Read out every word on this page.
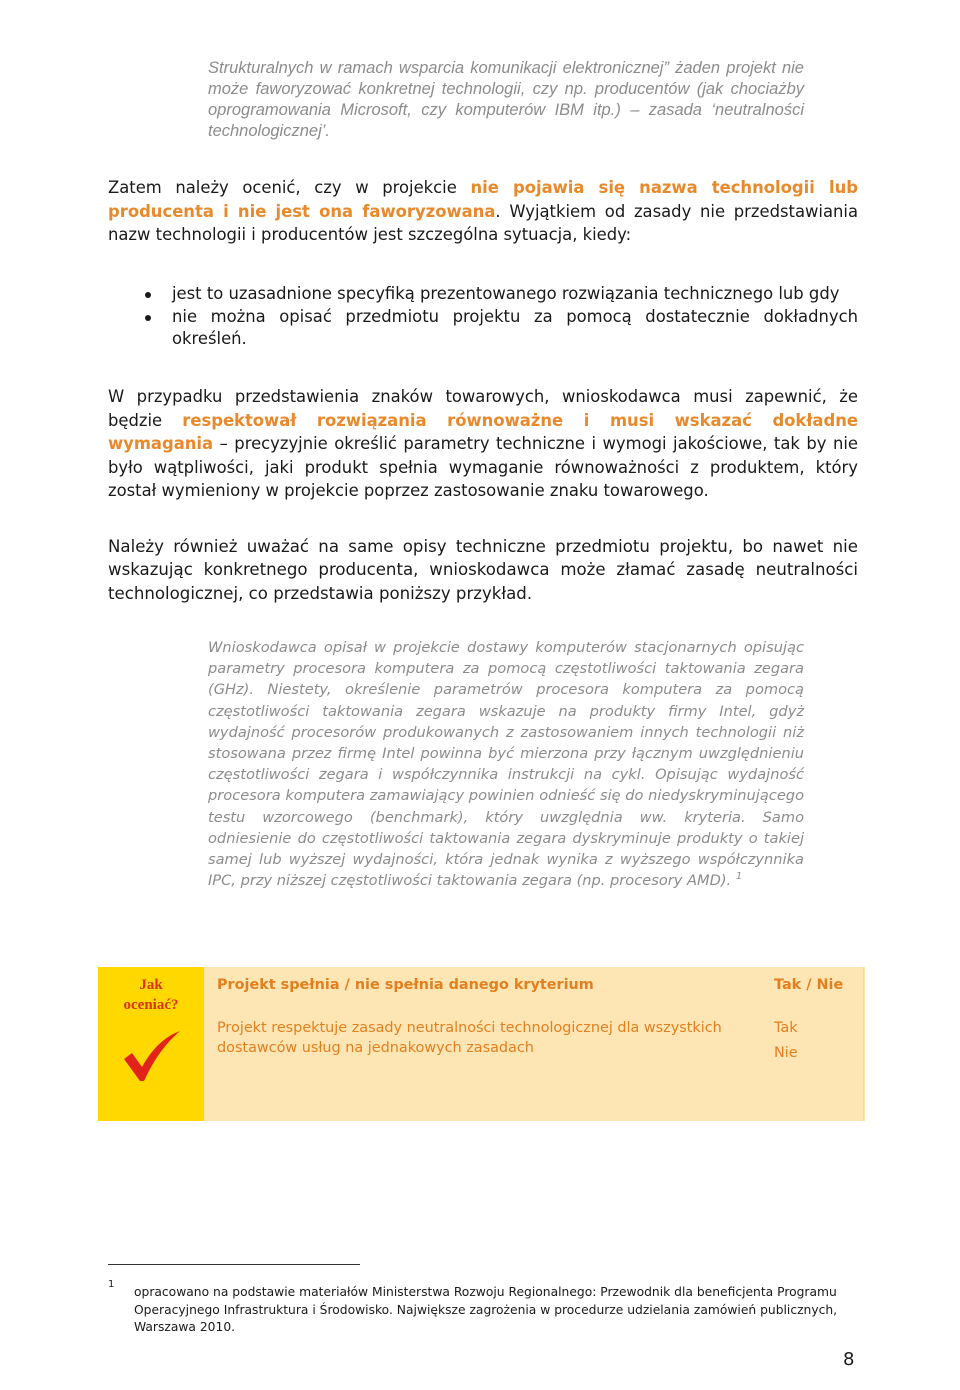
Strukturalnych w ramach wsparcia komunikacji elektronicznej” żaden projekt nie może faworyzować konkretnej technologii, czy np. producentów (jak chociażby oprogramowania Microsoft, czy komputerów IBM itp.) – zasada ‘neutralności technologicznej’.

Zatem należy ocenić, czy w projekcie nie pojawia się nazwa technologii lub producenta i nie jest ona faworyzowana. Wyjątkiem od zasady nie przedstawiania nazw technologii i producentów jest szczególna sytuacja, kiedy:

jest to uzasadnione specyfiką prezentowanego rozwiązania technicznego lub gdy
nie można opisać przedmiotu projektu za pomocą dostatecznie dokładnych określeń.

W przypadku przedstawienia znaków towarowych, wnioskodawca musi zapewnić, że będzie respektował rozwiązania równoważne i musi wskazać dokładne wymagania – precyzyjnie określić parametry techniczne i wymogi jakościowe, tak by nie było wątpliwości, jaki produkt spełnia wymaganie równoważności z produktem, który został wymieniony w projekcie poprzez zastosowanie znaku towarowego.

Należy również uważać na same opisy techniczne przedmiotu projektu, bo nawet nie wskazując konkretnego producenta, wnioskodawca może złamać zasadę neutralności technologicznej, co przedstawia poniższy przykład.

Wnioskodawca opisał w projekcie dostawy komputerów stacjonarnych opisując parametry procesora komputera za pomocą częstotliwości taktowania zegara (GHz). Niestety, określenie parametrów procesora komputera za pomocą częstotliwości taktowania zegara wskazuje na produkty firmy Intel, gdyż wydajność procesorów produkowanych z zastosowaniem innych technologii niż stosowana przez firmę Intel powinna być mierzona przy łącznym uwzględnieniu częstotliwości zegara i współczynnika instrukcji na cykl. Opisując wydajność procesora komputera zamawiający powinien odnieść się do niedyskryminującego testu wzorcowego (benchmark), który uwzględnia ww. kryteria. Samo odniesienie do częstotliwości taktowania zegara dyskryminuje produkty o takiej samej lub wyższej wydajności, która jednak wynika z wyższego współczynnika IPC, przy niższej częstotliwości taktowania zegara (np. procesory AMD). $^1$

Jak
oceniać?
Projekt spełnia / nie spełnia danego kryterium	Tak / Nie
Projekt respektuje zasady neutralności technologicznej dla wszystkich dostawców usług na jednakowych zasadach
Tak
Nie
1
opracowano na podstawie materiałów Ministerstwa Rozwoju Regionalnego: Przewodnik dla beneficjenta Programu Operacyjnego Infrastruktura i Środowisko. Największe zagrożenia w procedurze udzielania zamówień publicznych, Warszawa 2010.
8
